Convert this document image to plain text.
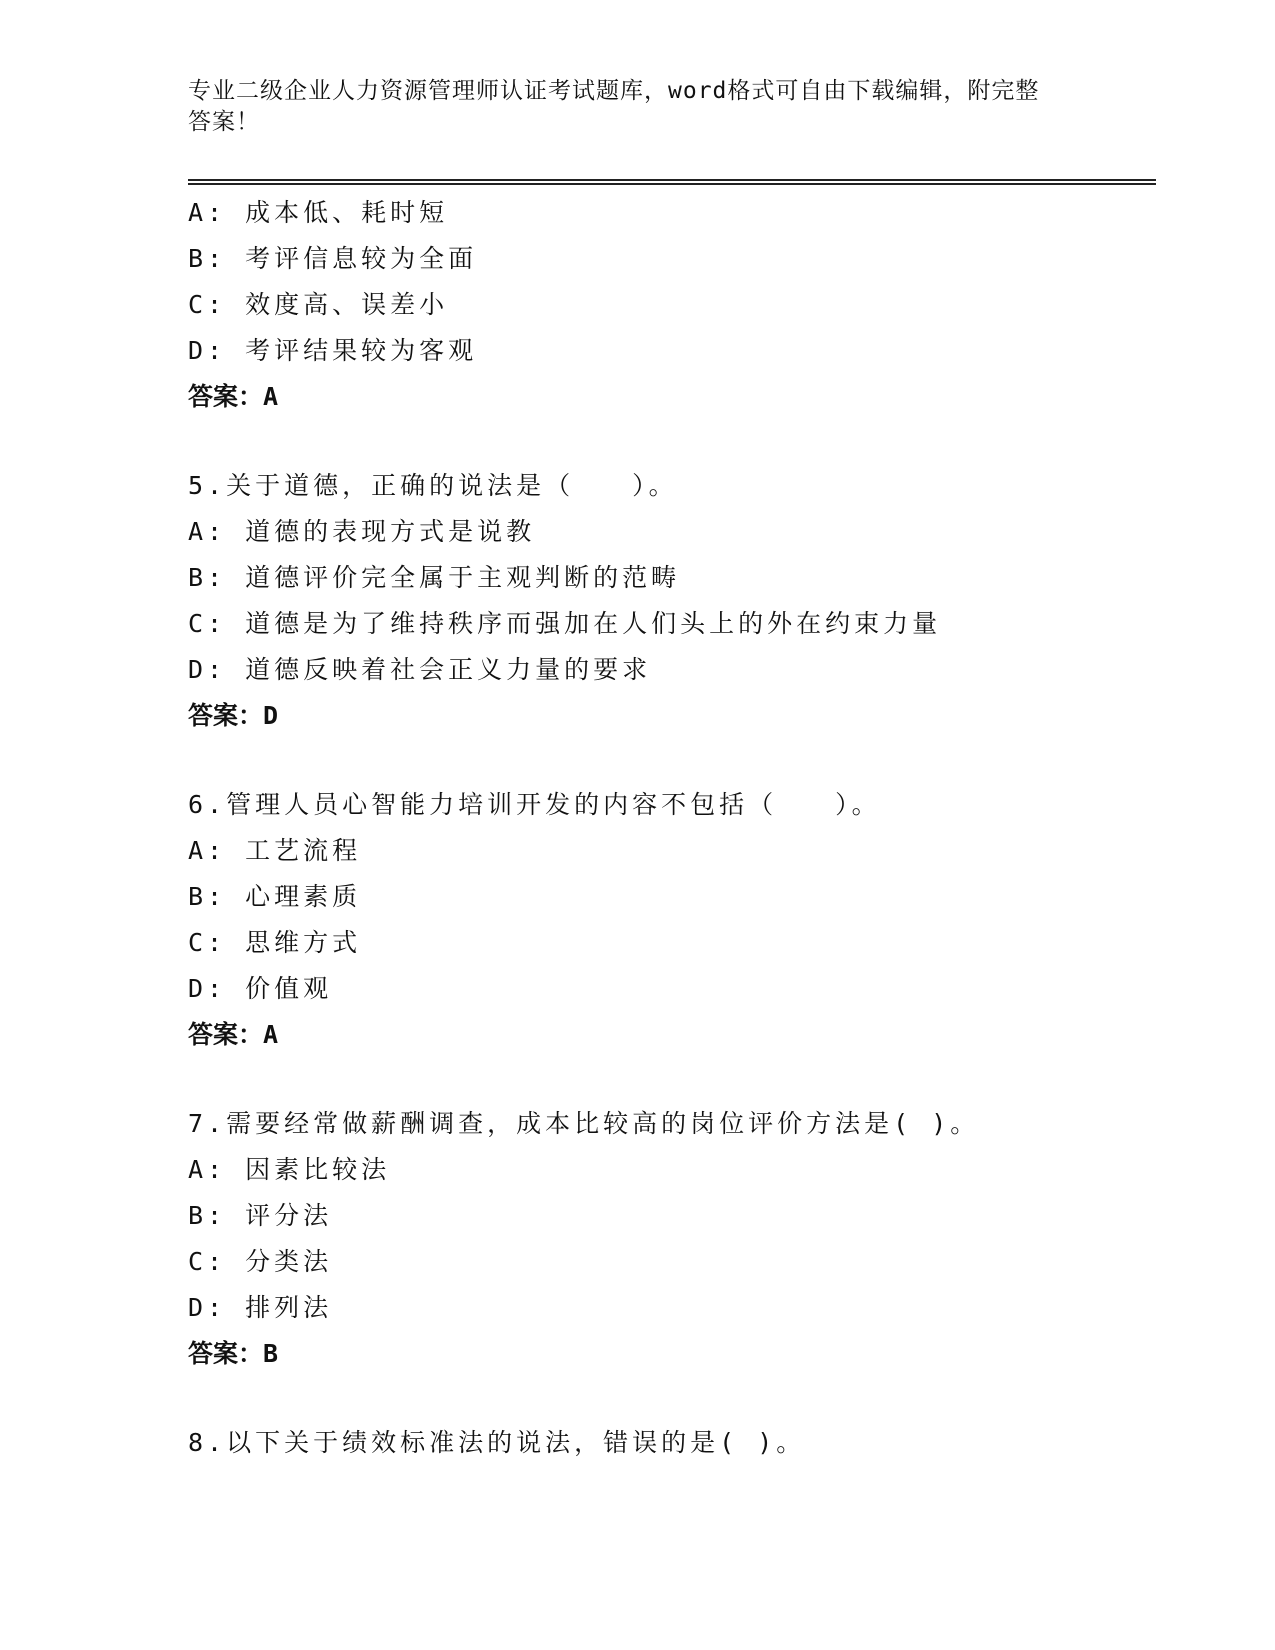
专业二级企业人力资源管理师认证考试题库，word格式可自由下载编辑，附完整
答案！
A: 成本低、耗时短
B: 考评信息较为全面
C: 效度高、误差小
D: 考评结果较为客观
答案：A
5.关于道德，正确的说法是（　　）。
A: 道德的表现方式是说教
B: 道德评价完全属于主观判断的范畴
C: 道德是为了维持秩序而强加在人们头上的外在约束力量
D: 道德反映着社会正义力量的要求
答案：D
6.管理人员心智能力培训开发的内容不包括（　　）。
A: 工艺流程
B: 心理素质
C: 思维方式
D: 价值观
答案：A
7.需要经常做薪酬调查，成本比较高的岗位评价方法是( )。
A: 因素比较法
B: 评分法
C: 分类法
D: 排列法
答案：B
8.以下关于绩效标准法的说法，错误的是( )。
